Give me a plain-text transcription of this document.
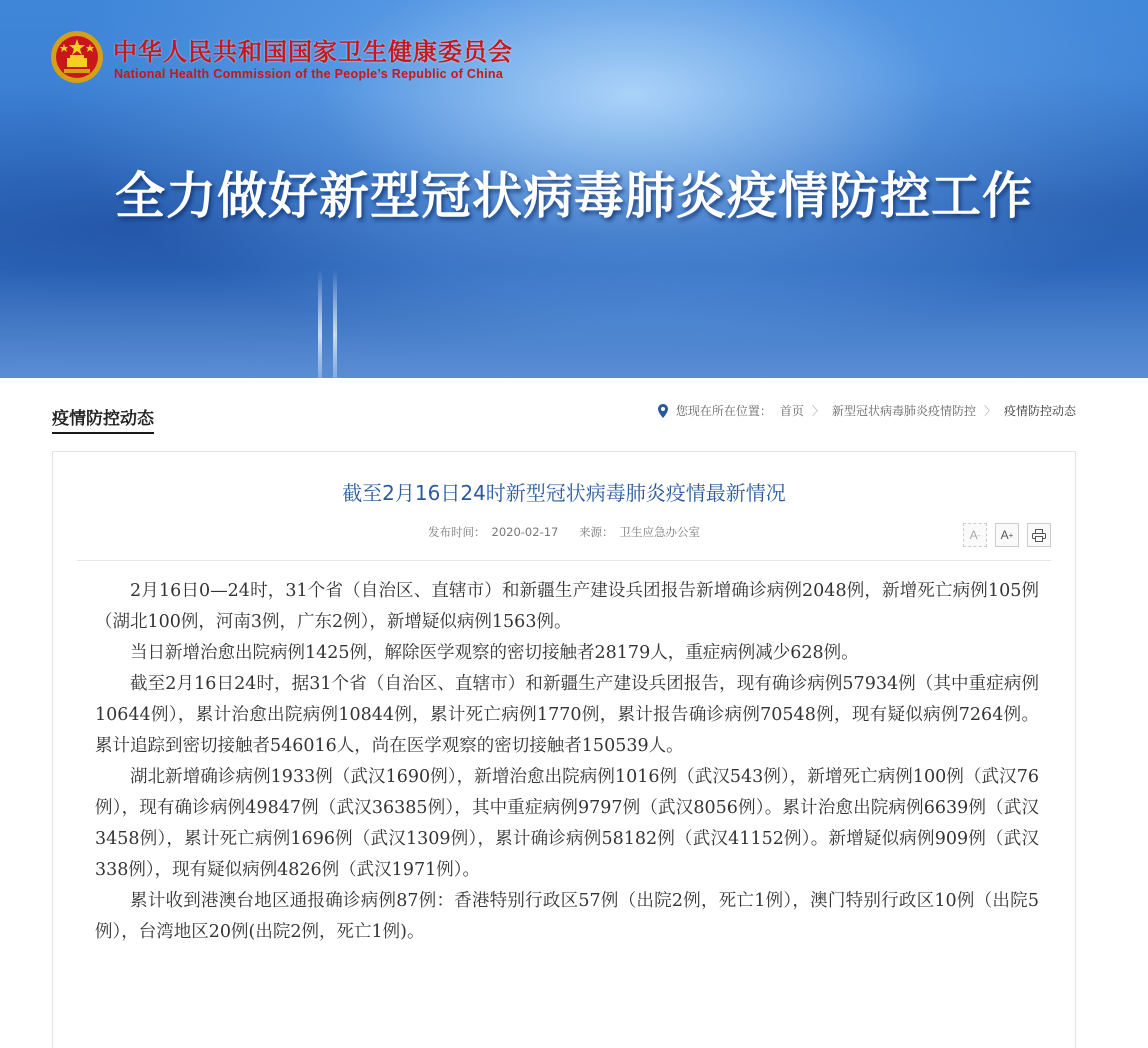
中华人民共和国国家卫生健康委员会
National Health Commission of the People’s Republic of China
全力做好新型冠状病毒肺炎疫情防控工作
疫情防控动态	您现在所在位置： 首页 〉 新型冠状病毒肺炎疫情防控 〉 疫情防控动态
截至2月16日24时新型冠状病毒肺炎疫情最新情况
发布时间： 2020-02-17 来源： 卫生应急办公室	A - A +

2月16日0—24时，31个省（自治区、直辖市）和新疆生产建设兵团报告新增确诊病例2048例，新增死亡病例105例（湖北100例，河南3例，广东2例），新增疑似病例1563例。

当日新增治愈出院病例1425例，解除医学观察的密切接触者28179人，重症病例减少628例。

截至2月16日24时，据31个省（自治区、直辖市）和新疆生产建设兵团报告，现有确诊病例57934例（其中重症病例10644例），累计治愈出院病例10844例，累计死亡病例1770例，累计报告确诊病例70548例，现有疑似病例7264例。累计追踪到密切接触者546016人，尚在医学观察的密切接触者150539人。

湖北新增确诊病例1933例（武汉1690例），新增治愈出院病例1016例（武汉543例），新增死亡病例100例（武汉76例），现有确诊病例49847例（武汉36385例），其中重症病例9797例（武汉8056例）。累计治愈出院病例6639例（武汉3458例），累计死亡病例1696例（武汉1309例），累计确诊病例58182例（武汉41152例）。新增疑似病例909例（武汉338例），现有疑似病例4826例（武汉1971例）。

累计收到港澳台地区通报确诊病例87例：香港特别行政区57例（出院2例，死亡1例），澳门特别行政区10例（出院5例），台湾地区20例(出院2例，死亡1例)。
